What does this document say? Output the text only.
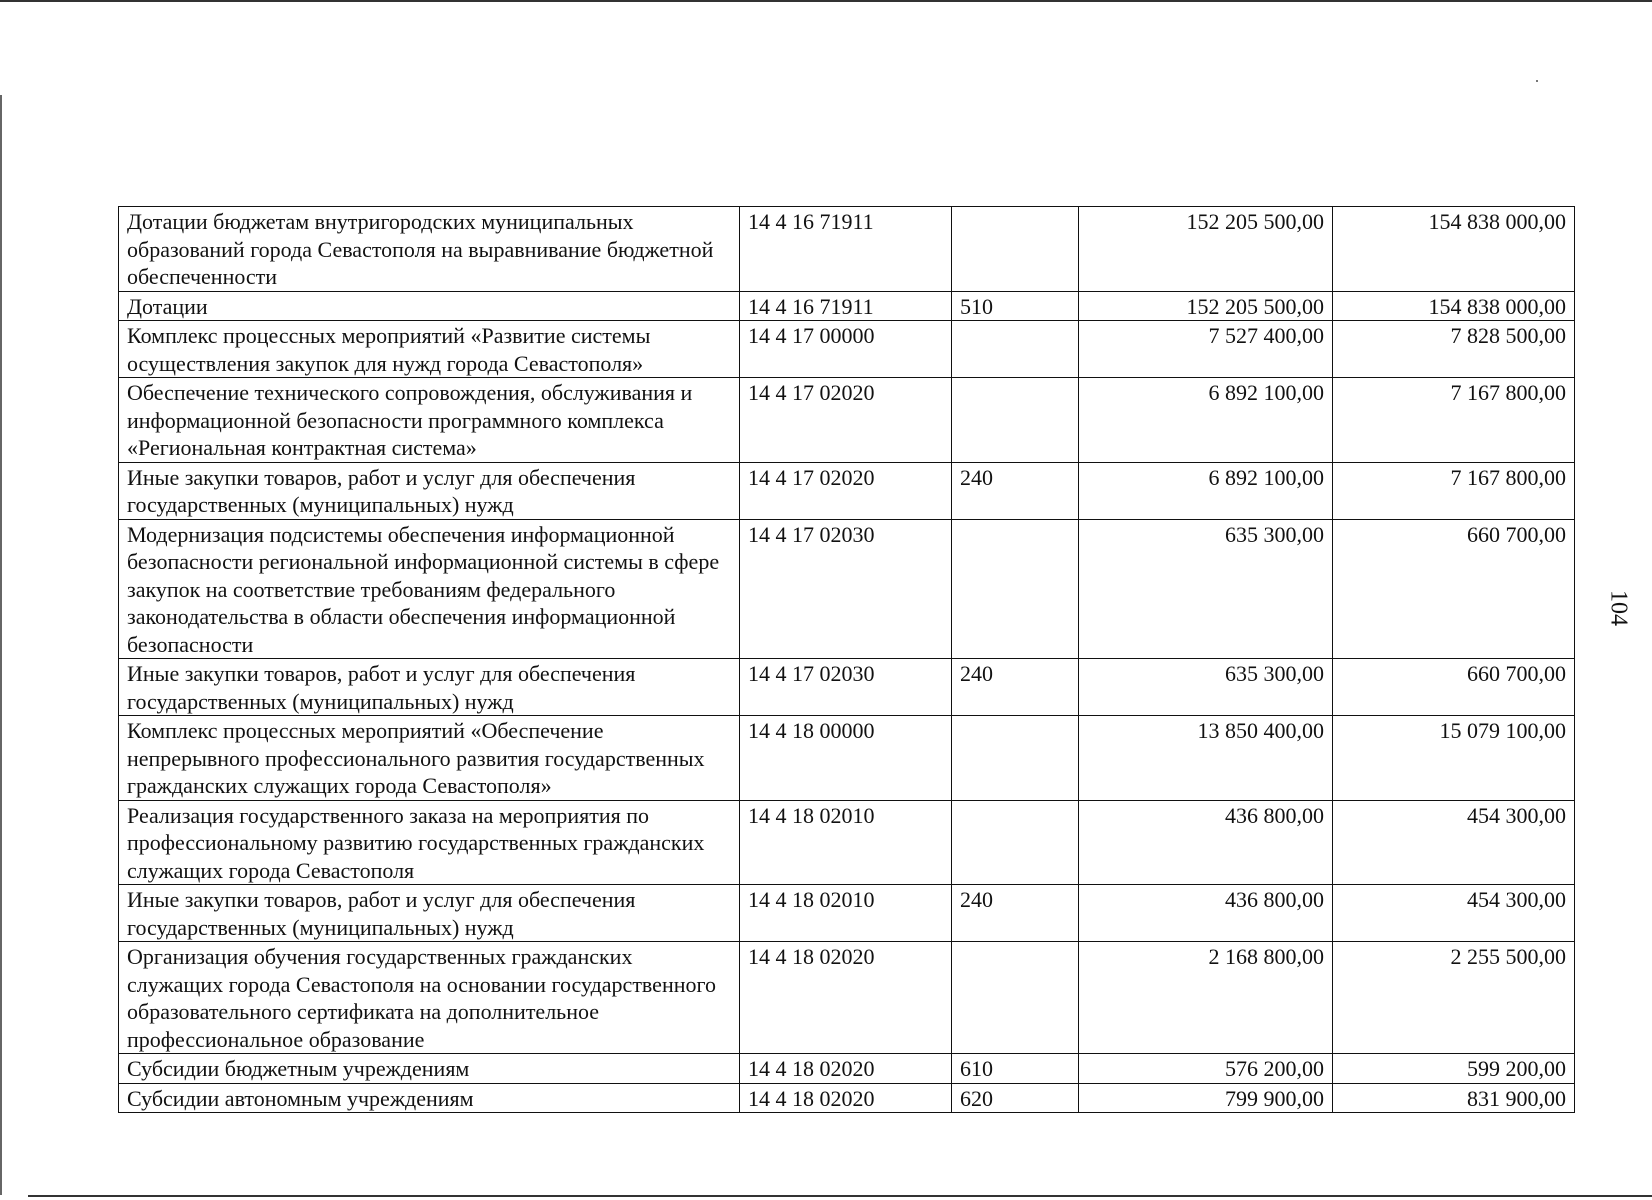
104
Дотации бюджетам внутригородских муниципальных образований города Севастополя на выравнивание бюджетной обеспеченности	14 4 16 71911		152 205 500,00	154 838 000,00
Дотации	14 4 16 71911	510	152 205 500,00	154 838 000,00
Комплекс процессных мероприятий «Развитие системы осуществления закупок для нужд города Севастополя»	14 4 17 00000		7 527 400,00	7 828 500,00
Обеспечение технического сопровождения, обслуживания и информационной безопасности программного комплекса «Региональная контрактная система»	14 4 17 02020		6 892 100,00	7 167 800,00
Иные закупки товаров, работ и услуг для обеспечения государственных (муниципальных) нужд	14 4 17 02020	240	6 892 100,00	7 167 800,00
Модернизация подсистемы обеспечения информационной безопасности региональной информационной системы в сфере закупок на соответствие требованиям федерального законодательства в области обеспечения информационной безопасности	14 4 17 02030		635 300,00	660 700,00
Иные закупки товаров, работ и услуг для обеспечения государственных (муниципальных) нужд	14 4 17 02030	240	635 300,00	660 700,00
Комплекс процессных мероприятий «Обеспечение непрерывного профессионального развития государственных гражданских служащих города Севастополя»	14 4 18 00000		13 850 400,00	15 079 100,00
Реализация государственного заказа на мероприятия по профессиональному развитию государственных гражданских служащих города Севастополя	14 4 18 02010		436 800,00	454 300,00
Иные закупки товаров, работ и услуг для обеспечения государственных (муниципальных) нужд	14 4 18 02010	240	436 800,00	454 300,00
Организация обучения государственных гражданских служащих города Севастополя на основании государственного образовательного сертификата на дополнительное профессиональное образование	14 4 18 02020		2 168 800,00	2 255 500,00
Субсидии бюджетным учреждениям	14 4 18 02020	610	576 200,00	599 200,00
Субсидии автономным учреждениям	14 4 18 02020	620	799 900,00	831 900,00
